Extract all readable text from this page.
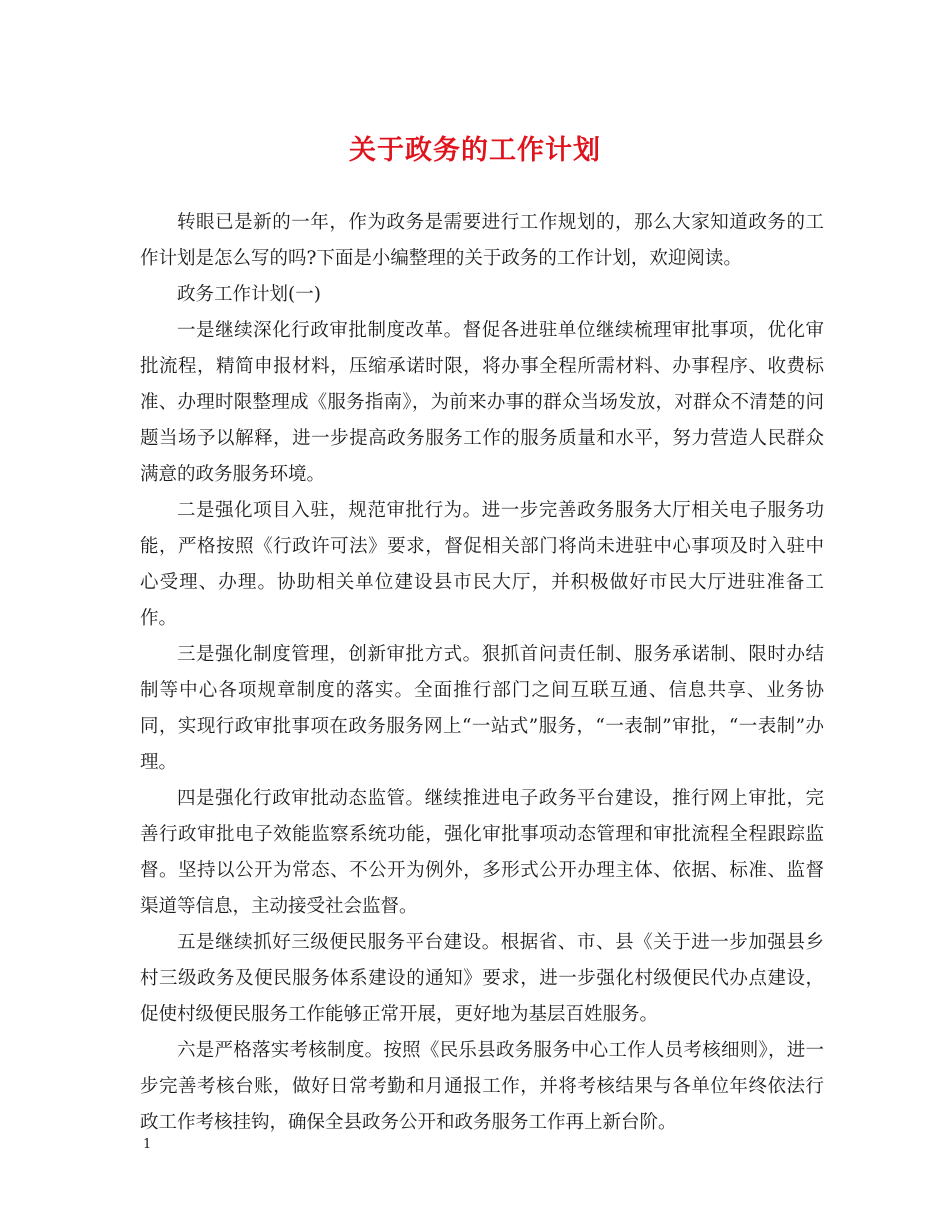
关于政务的工作计划

转眼已是新的一年，作为政务是需要进行工作规划的，那么大家知道政务的工作计划是怎么写的吗?下面是小编整理的关于政务的工作计划，欢迎阅读。

政务工作计划(一)

一是继续深化行政审批制度改革。督促各进驻单位继续梳理审批事项，优化审批流程，精简申报材料，压缩承诺时限，将办事全程所需材料、办事程序、收费标准、办理时限整理成《服务指南》，为前来办事的群众当场发放，对群众不清楚的问题当场予以解释，进一步提高政务服务工作的服务质量和水平，努力营造人民群众满意的政务服务环境。

二是强化项目入驻，规范审批行为。进一步完善政务服务大厅相关电子服务功能，严格按照《行政许可法》要求，督促相关部门将尚未进驻中心事项及时入驻中心受理、办理。协助相关单位建设县市民大厅，并积极做好市民大厅进驻准备工作。

三是强化制度管理，创新审批方式。狠抓首问责任制、服务承诺制、限时办结制等中心各项规章制度的落实。全面推行部门之间互联互通、信息共享、业务协同，实现行政审批事项在政务服务网上“一站式”服务，“一表制”审批，“一表制”办理。

四是强化行政审批动态监管。继续推进电子政务平台建设，推行网上审批，完善行政审批电子效能监察系统功能，强化审批事项动态管理和审批流程全程跟踪监督。坚持以公开为常态、不公开为例外，多形式公开办理主体、依据、标准、监督渠道等信息，主动接受社会监督。

五是继续抓好三级便民服务平台建设。根据省、市、县《关于进一步加强县乡村三级政务及便民服务体系建设的通知》要求，进一步强化村级便民代办点建设，促使村级便民服务工作能够正常开展，更好地为基层百姓服务。

六是严格落实考核制度。按照《民乐县政务服务中心工作人员考核细则》，进一步完善考核台账，做好日常考勤和月通报工作，并将考核结果与各单位年终依法行政工作考核挂钩，确保全县政务公开和政务服务工作再上新台阶。

1
